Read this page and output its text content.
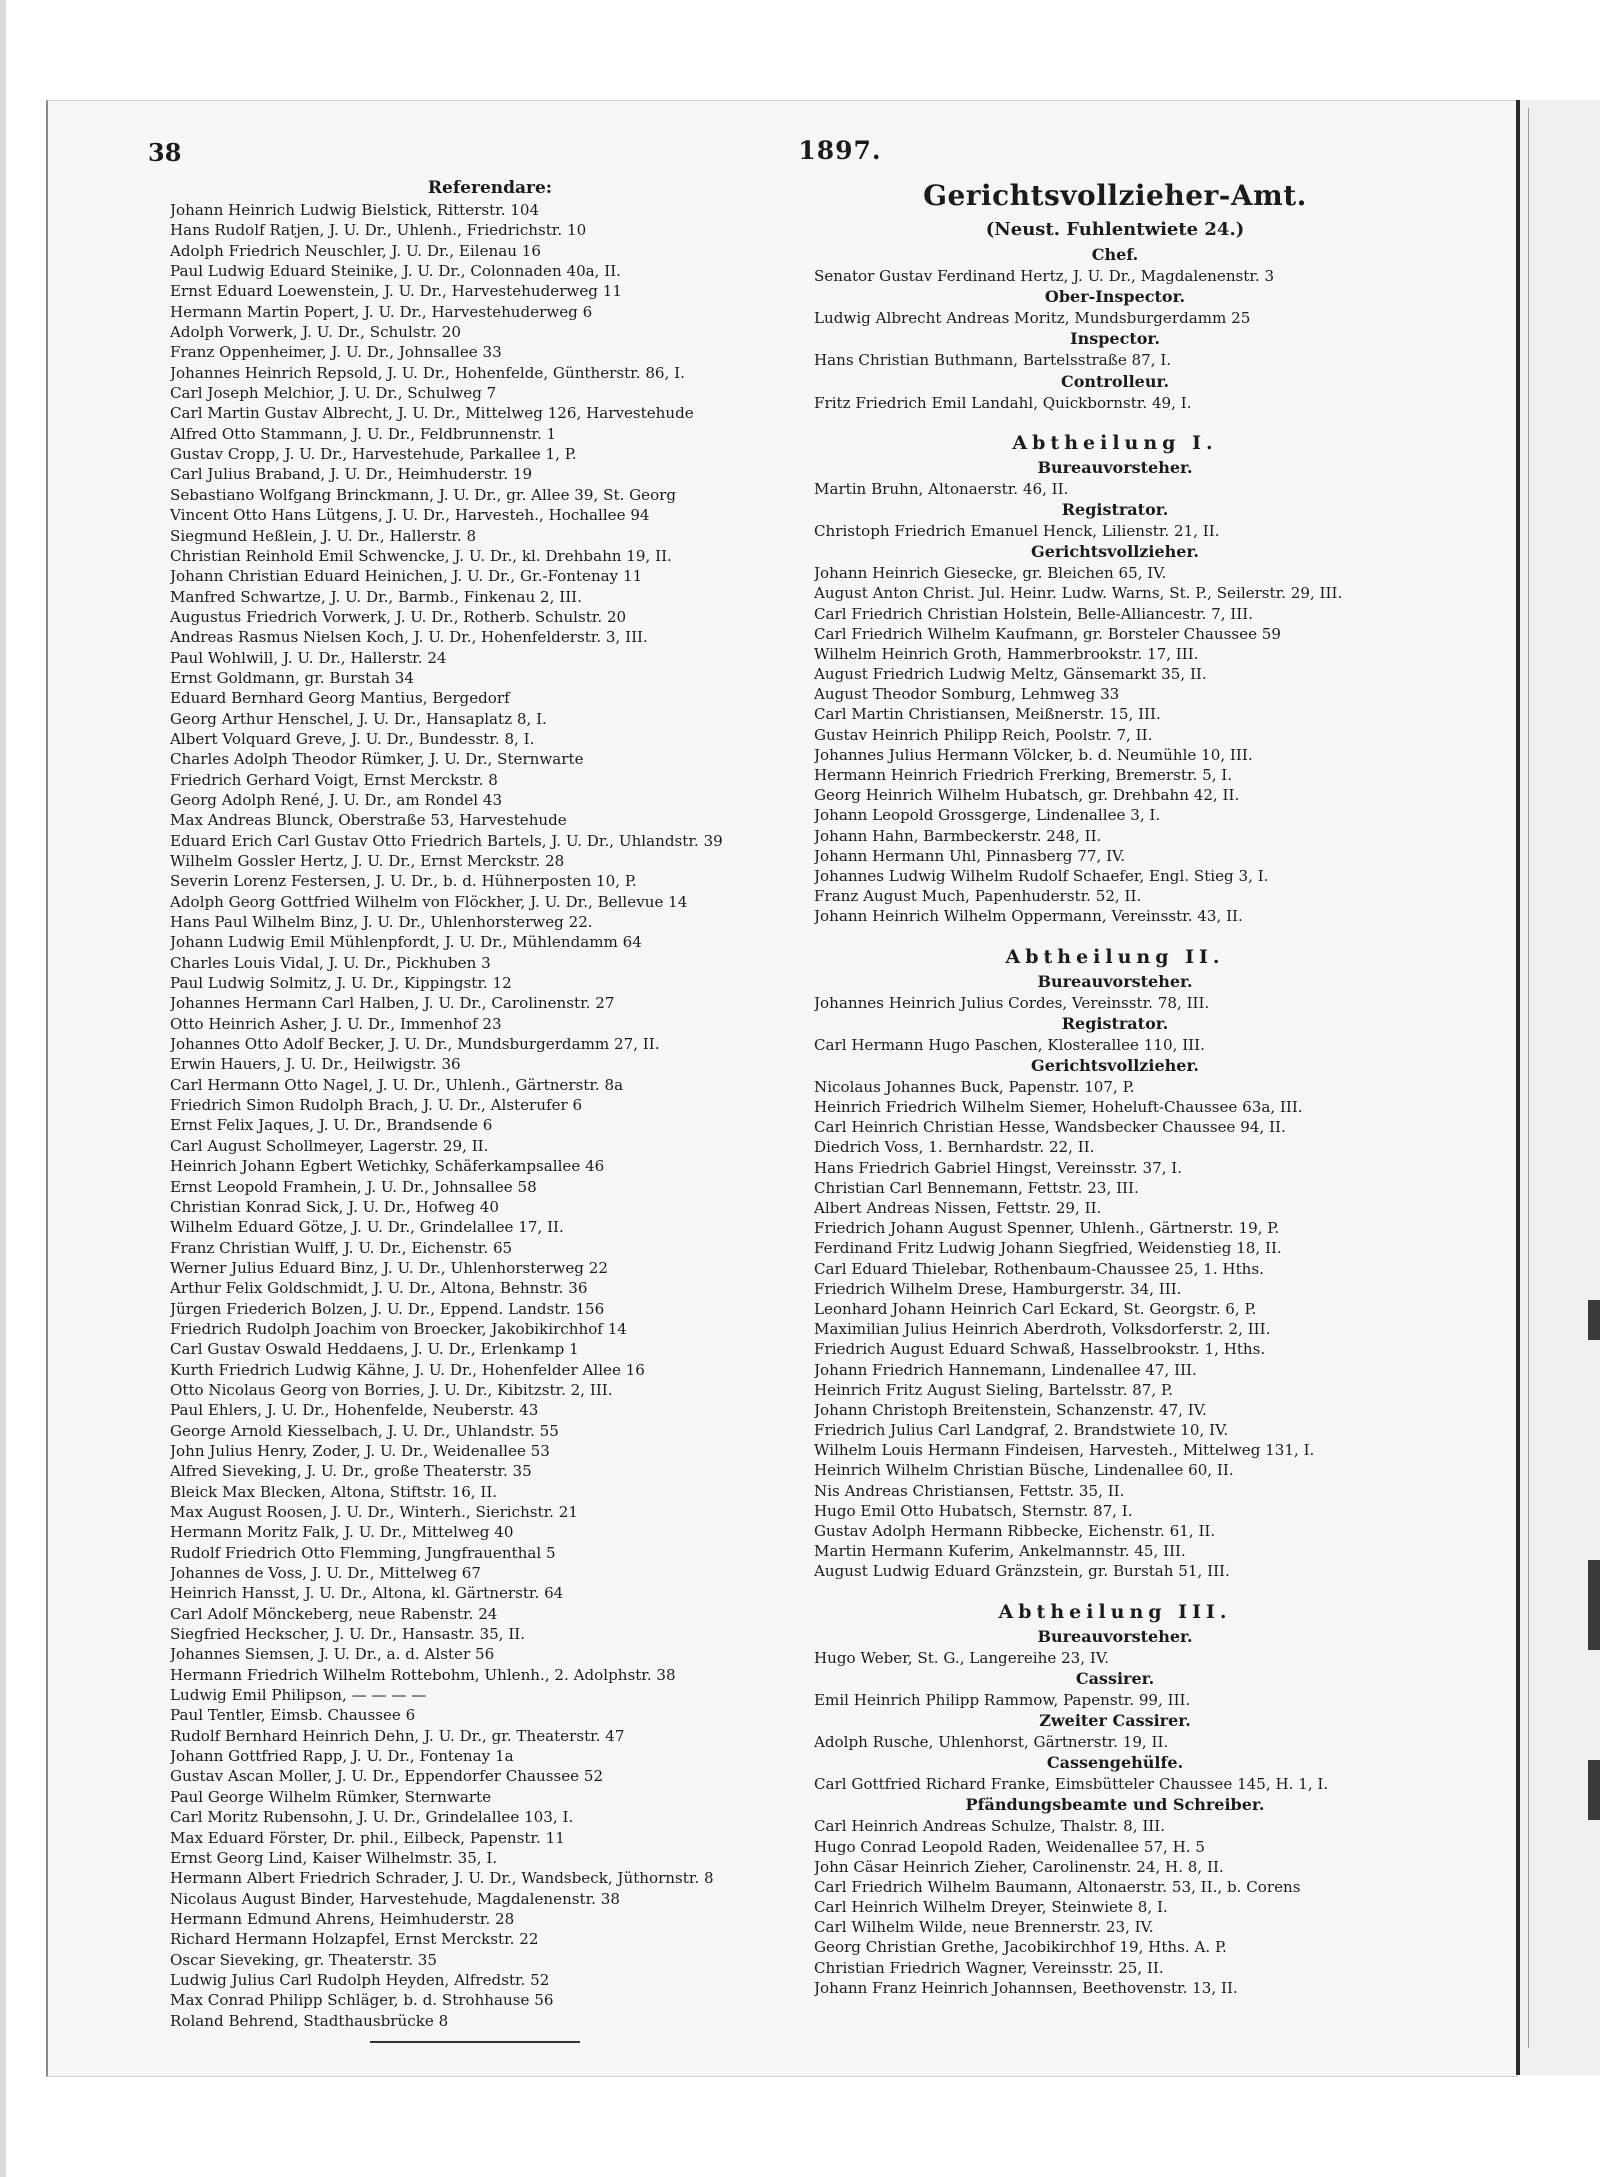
38	1897.
Referendare:
Johann Heinrich Ludwig Bielstick, Ritterstr. 104
Hans Rudolf Ratjen, J. U. Dr., Uhlenh., Friedrichstr. 10
Adolph Friedrich Neuschler, J. U. Dr., Eilenau 16
Paul Ludwig Eduard Steinike, J. U. Dr., Colonnaden 40a, II.
Ernst Eduard Loewenstein, J. U. Dr., Harvestehuderweg 11
Hermann Martin Popert, J. U. Dr., Harvestehuderweg 6
Adolph Vorwerk, J. U. Dr., Schulstr. 20
Franz Oppenheimer, J. U. Dr., Johnsallee 33
Johannes Heinrich Repsold, J. U. Dr., Hohenfelde, Güntherstr. 86, I.
Carl Joseph Melchior, J. U. Dr., Schulweg 7
Carl Martin Gustav Albrecht, J. U. Dr., Mittelweg 126, Harvestehude
Alfred Otto Stammann, J. U. Dr., Feldbrunnenstr. 1
Gustav Cropp, J. U. Dr., Harvestehude, Parkallee 1, P.
Carl Julius Braband, J. U. Dr., Heimhuderstr. 19
Sebastiano Wolfgang Brinckmann, J. U. Dr., gr. Allee 39, St. Georg
Vincent Otto Hans Lütgens, J. U. Dr., Harvesteh., Hochallee 94
Siegmund Heßlein, J. U. Dr., Hallerstr. 8
Christian Reinhold Emil Schwencke, J. U. Dr., kl. Drehbahn 19, II.
Johann Christian Eduard Heinichen, J. U. Dr., Gr.-Fontenay 11
Manfred Schwartze, J. U. Dr., Barmb., Finkenau 2, III.
Augustus Friedrich Vorwerk, J. U. Dr., Rotherb. Schulstr. 20
Andreas Rasmus Nielsen Koch, J. U. Dr., Hohenfelderstr. 3, III.
Paul Wohlwill, J. U. Dr., Hallerstr. 24
Ernst Goldmann, gr. Burstah 34
Eduard Bernhard Georg Mantius, Bergedorf
Georg Arthur Henschel, J. U. Dr., Hansaplatz 8, I.
Albert Volquard Greve, J. U. Dr., Bundesstr. 8, I.
Charles Adolph Theodor Rümker, J. U. Dr., Sternwarte
Friedrich Gerhard Voigt, Ernst Merckstr. 8
Georg Adolph René, J. U. Dr., am Rondel 43
Max Andreas Blunck, Oberstraße 53, Harvestehude
Eduard Erich Carl Gustav Otto Friedrich Bartels, J. U. Dr., Uhlandstr. 39
Wilhelm Gossler Hertz, J. U. Dr., Ernst Merckstr. 28
Severin Lorenz Festersen, J. U. Dr., b. d. Hühnerposten 10, P.
Adolph Georg Gottfried Wilhelm von Flöckher, J. U. Dr., Bellevue 14
Hans Paul Wilhelm Binz, J. U. Dr., Uhlenhorsterweg 22.
Johann Ludwig Emil Mühlenpfordt, J. U. Dr., Mühlendamm 64
Charles Louis Vidal, J. U. Dr., Pickhuben 3
Paul Ludwig Solmitz, J. U. Dr., Kippingstr. 12
Johannes Hermann Carl Halben, J. U. Dr., Carolinenstr. 27
Otto Heinrich Asher, J. U. Dr., Immenhof 23
Johannes Otto Adolf Becker, J. U. Dr., Mundsburgerdamm 27, II.
Erwin Hauers, J. U. Dr., Heilwigstr. 36
Carl Hermann Otto Nagel, J. U. Dr., Uhlenh., Gärtnerstr. 8a
Friedrich Simon Rudolph Brach, J. U. Dr., Alsterufer 6
Ernst Felix Jaques, J. U. Dr., Brandsende 6
Carl August Schollmeyer, Lagerstr. 29, II.
Heinrich Johann Egbert Wetichky, Schäferkampsallee 46
Ernst Leopold Framhein, J. U. Dr., Johnsallee 58
Christian Konrad Sick, J. U. Dr., Hofweg 40
Wilhelm Eduard Götze, J. U. Dr., Grindelallee 17, II.
Franz Christian Wulff, J. U. Dr., Eichenstr. 65
Werner Julius Eduard Binz, J. U. Dr., Uhlenhorsterweg 22
Arthur Felix Goldschmidt, J. U. Dr., Altona, Behnstr. 36
Jürgen Friederich Bolzen, J. U. Dr., Eppend. Landstr. 156
Friedrich Rudolph Joachim von Broecker, Jakobikirchhof 14
Carl Gustav Oswald Heddaens, J. U. Dr., Erlenkamp 1
Kurth Friedrich Ludwig Kähne, J. U. Dr., Hohenfelder Allee 16
Otto Nicolaus Georg von Borries, J. U. Dr., Kibitzstr. 2, III.
Paul Ehlers, J. U. Dr., Hohenfelde, Neuberstr. 43
George Arnold Kiesselbach, J. U. Dr., Uhlandstr. 55
John Julius Henry, Zoder, J. U. Dr., Weidenallee 53
Alfred Sieveking, J. U. Dr., große Theaterstr. 35
Bleick Max Blecken, Altona, Stiftstr. 16, II.
Max August Roosen, J. U. Dr., Winterh., Sierichstr. 21
Hermann Moritz Falk, J. U. Dr., Mittelweg 40
Rudolf Friedrich Otto Flemming, Jungfrauenthal 5
Johannes de Voss, J. U. Dr., Mittelweg 67
Heinrich Hansst, J. U. Dr., Altona, kl. Gärtnerstr. 64
Carl Adolf Mönckeberg, neue Rabenstr. 24
Siegfried Heckscher, J. U. Dr., Hansastr. 35, II.
Johannes Siemsen, J. U. Dr., a. d. Alster 56
Hermann Friedrich Wilhelm Rottebohm, Uhlenh., 2. Adolphstr. 38
Ludwig Emil Philipson, — — — —
Paul Tentler, Eimsb. Chaussee 6
Rudolf Bernhard Heinrich Dehn, J. U. Dr., gr. Theaterstr. 47
Johann Gottfried Rapp, J. U. Dr., Fontenay 1a
Gustav Ascan Moller, J. U. Dr., Eppendorfer Chaussee 52
Paul George Wilhelm Rümker, Sternwarte
Carl Moritz Rubensohn, J. U. Dr., Grindelallee 103, I.
Max Eduard Förster, Dr. phil., Eilbeck, Papenstr. 11
Ernst Georg Lind, Kaiser Wilhelmstr. 35, I.
Hermann Albert Friedrich Schrader, J. U. Dr., Wandsbeck, Jüthornstr. 8
Nicolaus August Binder, Harvestehude, Magdalenenstr. 38
Hermann Edmund Ahrens, Heimhuderstr. 28
Richard Hermann Holzapfel, Ernst Merckstr. 22
Oscar Sieveking, gr. Theaterstr. 35
Ludwig Julius Carl Rudolph Heyden, Alfredstr. 52
Max Conrad Philipp Schläger, b. d. Strohhause 56
Roland Behrend, Stadthausbrücke 8
Gerichtsvollzieher-Amt.
(Neust. Fuhlentwiete 24.)
Chef.
Senator Gustav Ferdinand Hertz, J. U. Dr., Magdalenenstr. 3
Ober-Inspector.
Ludwig Albrecht Andreas Moritz, Mundsburgerdamm 25
Inspector.
Hans Christian Buthmann, Bartelsstraße 87, I.
Controlleur.
Fritz Friedrich Emil Landahl, Quickbornstr. 49, I.
Abtheilung I.
Bureauvorsteher.
Martin Bruhn, Altonaerstr. 46, II.
Registrator.
Christoph Friedrich Emanuel Henck, Lilienstr. 21, II.
Gerichtsvollzieher.
Johann Heinrich Giesecke, gr. Bleichen 65, IV.
August Anton Christ. Jul. Heinr. Ludw. Warns, St. P., Seilerstr. 29, III.
Carl Friedrich Christian Holstein, Belle-Alliancestr. 7, III.
Carl Friedrich Wilhelm Kaufmann, gr. Borsteler Chaussee 59
Wilhelm Heinrich Groth, Hammerbrookstr. 17, III.
August Friedrich Ludwig Meltz, Gänsemarkt 35, II.
August Theodor Somburg, Lehmweg 33
Carl Martin Christiansen, Meißnerstr. 15, III.
Gustav Heinrich Philipp Reich, Poolstr. 7, II.
Johannes Julius Hermann Völcker, b. d. Neumühle 10, III.
Hermann Heinrich Friedrich Frerking, Bremerstr. 5, I.
Georg Heinrich Wilhelm Hubatsch, gr. Drehbahn 42, II.
Johann Leopold Grossgerge, Lindenallee 3, I.
Johann Hahn, Barmbeckerstr. 248, II.
Johann Hermann Uhl, Pinnasberg 77, IV.
Johannes Ludwig Wilhelm Rudolf Schaefer, Engl. Stieg 3, I.
Franz August Much, Papenhuderstr. 52, II.
Johann Heinrich Wilhelm Oppermann, Vereinsstr. 43, II.
Abtheilung II.
Bureauvorsteher.
Johannes Heinrich Julius Cordes, Vereinsstr. 78, III.
Registrator.
Carl Hermann Hugo Paschen, Klosterallee 110, III.
Gerichtsvollzieher.
Nicolaus Johannes Buck, Papenstr. 107, P.
Heinrich Friedrich Wilhelm Siemer, Hoheluft-Chaussee 63a, III.
Carl Heinrich Christian Hesse, Wandsbecker Chaussee 94, II.
Diedrich Voss, 1. Bernhardstr. 22, II.
Hans Friedrich Gabriel Hingst, Vereinsstr. 37, I.
Christian Carl Bennemann, Fettstr. 23, III.
Albert Andreas Nissen, Fettstr. 29, II.
Friedrich Johann August Spenner, Uhlenh., Gärtnerstr. 19, P.
Ferdinand Fritz Ludwig Johann Siegfried, Weidenstieg 18, II.
Carl Eduard Thielebar, Rothenbaum-Chaussee 25, 1. Hths.
Friedrich Wilhelm Drese, Hamburgerstr. 34, III.
Leonhard Johann Heinrich Carl Eckard, St. Georgstr. 6, P.
Maximilian Julius Heinrich Aberdroth, Volksdorferstr. 2, III.
Friedrich August Eduard Schwaß, Hasselbrookstr. 1, Hths.
Johann Friedrich Hannemann, Lindenallee 47, III.
Heinrich Fritz August Sieling, Bartelsstr. 87, P.
Johann Christoph Breitenstein, Schanzenstr. 47, IV.
Friedrich Julius Carl Landgraf, 2. Brandstwiete 10, IV.
Wilhelm Louis Hermann Findeisen, Harvesteh., Mittelweg 131, I.
Heinrich Wilhelm Christian Büsche, Lindenallee 60, II.
Nis Andreas Christiansen, Fettstr. 35, II.
Hugo Emil Otto Hubatsch, Sternstr. 87, I.
Gustav Adolph Hermann Ribbecke, Eichenstr. 61, II.
Martin Hermann Kuferim, Ankelmannstr. 45, III.
August Ludwig Eduard Gränzstein, gr. Burstah 51, III.
Abtheilung III.
Bureauvorsteher.
Hugo Weber, St. G., Langereihe 23, IV.
Cassirer.
Emil Heinrich Philipp Rammow, Papenstr. 99, III.
Zweiter Cassirer.
Adolph Rusche, Uhlenhorst, Gärtnerstr. 19, II.
Cassengehülfe.
Carl Gottfried Richard Franke, Eimsbütteler Chaussee 145, H. 1, I.
Pfändungsbeamte und Schreiber.
Carl Heinrich Andreas Schulze, Thalstr. 8, III.
Hugo Conrad Leopold Raden, Weidenallee 57, H. 5
John Cäsar Heinrich Zieher, Carolinenstr. 24, H. 8, II.
Carl Friedrich Wilhelm Baumann, Altonaerstr. 53, II., b. Corens
Carl Heinrich Wilhelm Dreyer, Steinwiete 8, I.
Carl Wilhelm Wilde, neue Brennerstr. 23, IV.
Georg Christian Grethe, Jacobikirchhof 19, Hths. A. P.
Christian Friedrich Wagner, Vereinsstr. 25, II.
Johann Franz Heinrich Johannsen, Beethovenstr. 13, II.
